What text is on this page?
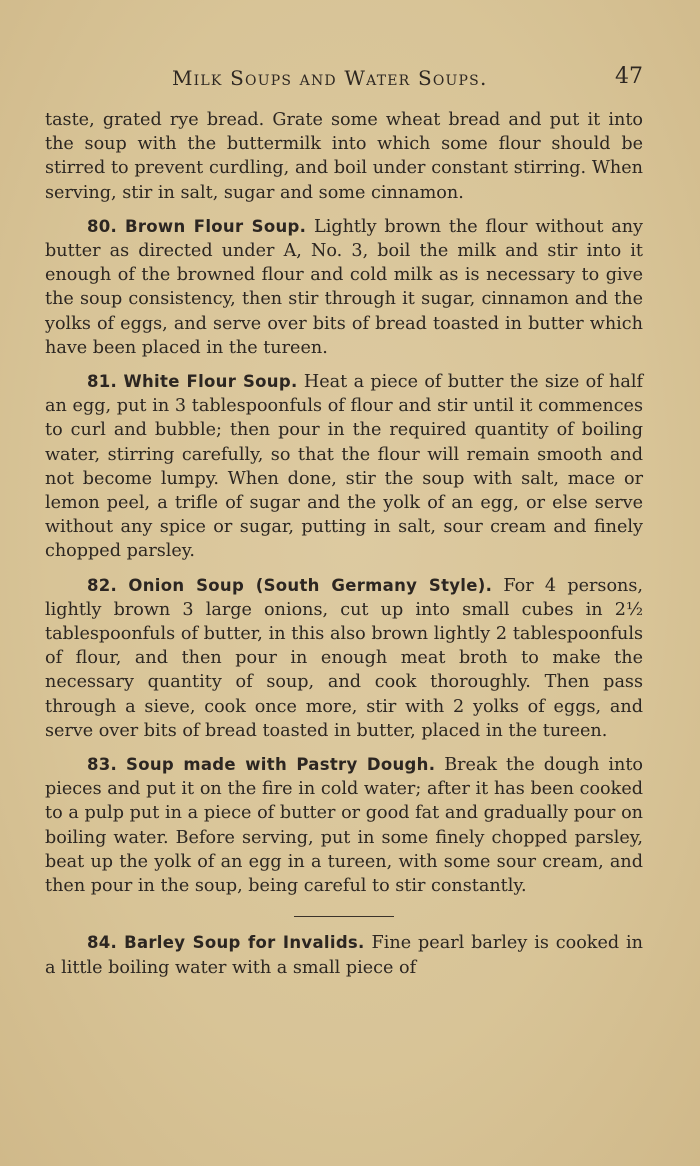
Milk Soups and Water Soups.	47

taste, grated rye bread. Grate some wheat bread and put it into the soup with the buttermilk into which some flour should be stirred to prevent curdling, and boil under constant stirring. When serving, stir in salt, sugar and some cinnamon.

80. Brown Flour Soup. Lightly brown the flour without any butter as directed under A, No. 3, boil the milk and stir into it enough of the browned flour and cold milk as is necessary to give the soup consistency, then stir through it sugar, cinnamon and the yolks of eggs, and serve over bits of bread toasted in butter which have been placed in the tureen.

81. White Flour Soup. Heat a piece of butter the size of half an egg, put in 3 tablespoonfuls of flour and stir until it commences to curl and bubble; then pour in the required quantity of boiling water, stirring carefully, so that the flour will remain smooth and not become lumpy. When done, stir the soup with salt, mace or lemon peel, a trifle of sugar and the yolk of an egg, or else serve without any spice or sugar, putting in salt, sour cream and finely chopped parsley.

82. Onion Soup (South Germany Style). For 4 persons, lightly brown 3 large onions, cut up into small cubes in 2½ tablespoonfuls of butter, in this also brown lightly 2 tablespoonfuls of flour, and then pour in enough meat broth to make the necessary quantity of soup, and cook thoroughly. Then pass through a sieve, cook once more, stir with 2 yolks of eggs, and serve over bits of bread toasted in butter, placed in the tureen.

83. Soup made with Pastry Dough. Break the dough into pieces and put it on the fire in cold water; after it has been cooked to a pulp put in a piece of butter or good fat and gradually pour on boiling water. Before serving, put in some finely chopped parsley, beat up the yolk of an egg in a tureen, with some sour cream, and then pour in the soup, being careful to stir constantly.

84. Barley Soup for Invalids. Fine pearl barley is cooked in a little boiling water with a small piece of
